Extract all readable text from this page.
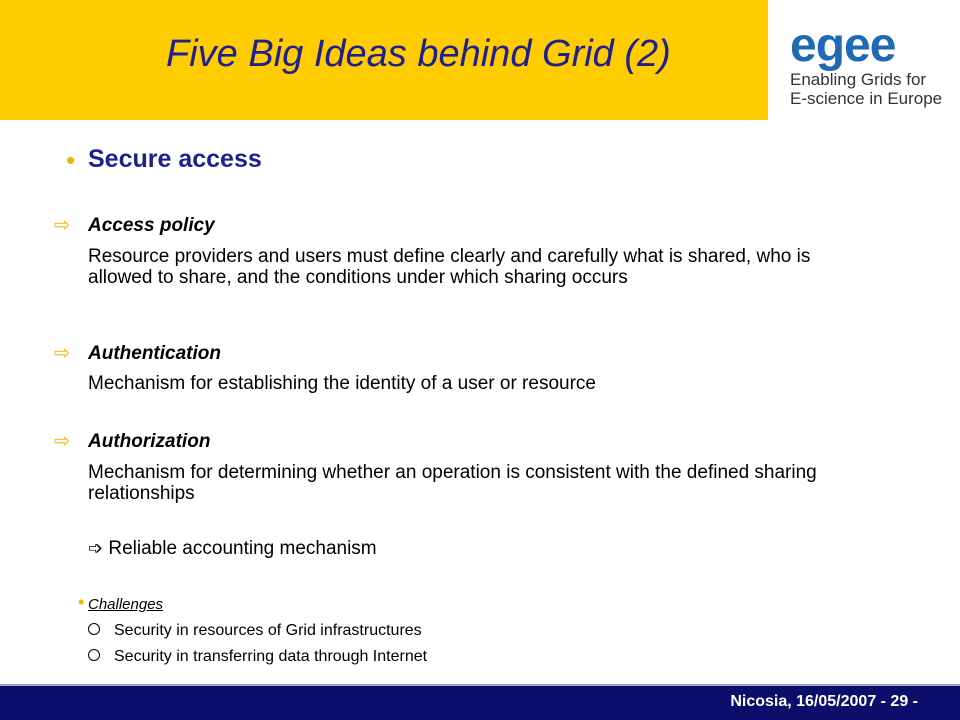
Five Big Ideas behind Grid (2) egee
Enabling Grids for
E-science in Europe
• Secure access
⇨ Access policy
Resource providers and users must define clearly and carefully what is shared, who is allowed to share, and the conditions under which sharing occurs
⇨ Authentication
Mechanism for establishing the identity of a user or resource
⇨ Authorization
Mechanism for determining whether an operation is consistent with the defined sharing relationships
➩ Reliable accounting mechanism
• Challenges
Security in resources of Grid infrastructures
Security in transferring data through Internet
Nicosia, 16/05/2007 - 29 -
